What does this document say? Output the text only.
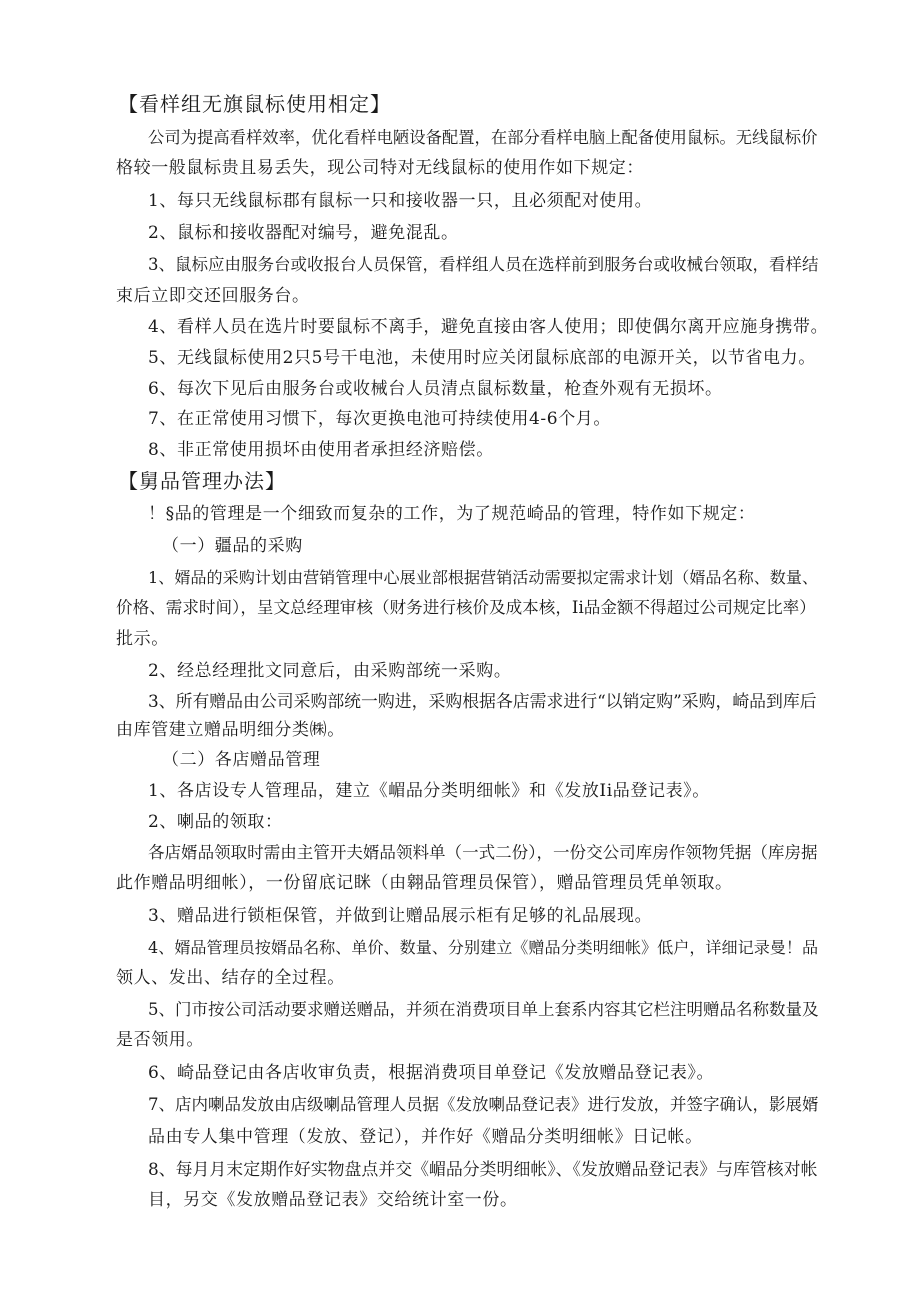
【看样组无旗鼠标使用相定】
公司为提高看样效率，优化看样电陋设备配置，在部分看样电脑上配备使用鼠标。无线鼠标价
格较一般鼠标贵且易丢失，现公司特对无线鼠标的使用作如下规定：
1、每只无线鼠标郡有鼠标一只和接收器一只，且必须配对使用。
2、鼠标和接收器配对编号，避免混乱。
3、鼠标应由服务台或收报台人员保管，看样组人员在选样前到服务台或收械台领取，看样结
束后立即交还回服务台。
4、看样人员在选片时要鼠标不离手，避免直接由客人使用；即使偶尔离开应施身携带。
5、无线鼠标使用2只5号干电池，未使用时应关闭鼠标底部的电源开关，以节省电力。
6、每次下见后由服务台或收械台人员清点鼠标数量，枪查外观有无损坏。
7、在正常使用习惯下，每次更换电池可持续使用4-6个月。
8、非正常使用损坏由使用者承担经济赔偿。
【舅品管理办法】
！§品的管理是一个细致而复杂的工作，为了规范崎品的管理，特作如下规定：
（一）疆品的采购
1、婿品的采购计划由营销管理中心展业部根据营销活动需要拟定需求计划（婿品名称、数量、
价格、需求时间），呈文总经理审核（财务进行核价及成本核，Ii品金额不得超过公司规定比率）
批示。
2、经总经理批文同意后，由采购部统一采购。
3、所有赠品由公司采购部统一购进，采购根据各店需求进行“以销定购”采购，崎品到库后
由库管建立赠品明细分类㈱。
（二）各店赠品管理
1、各店设专人管理品，建立《嵋品分类明细帐》和《发放Ii品登记表》。
2、喇品的领取：
各店婿品领取时需由主管开夫婿品领料单（一式二份），一份交公司库房作领物凭据（库房据
此作赠品明细帐），一份留底记眯（由翱品管理员保管），赠品管理员凭单领取。
3、赠品进行锁柜保管，并做到让赠品展示柜有足够的礼品展现。
4、婿品管理员按婿品名称、单价、数量、分别建立《赠品分类明细帐》低户，详细记录曼！品
领人、发出、结存的全过程。
5、门市按公司活动要求赠送赠品，并须在消费项目单上套系内容其它栏注明赠品名称数量及
是否领用。
6、崎品登记由各店收审负责，根据消费项目单登记《发放赠品登记表》。
7、店内喇品发放由店级喇品管理人员据《发放喇品登记表》进行发放，并签字确认，影展婿
品由专人集中管理（发放、登记），并作好《赠品分类明细帐》日记帐。
8、每月月末定期作好实物盘点并交《嵋品分类明细帐》、《发放赠品登记表》与库管核对帐
目，另交《发放赠品登记表》交给统计室一份。
